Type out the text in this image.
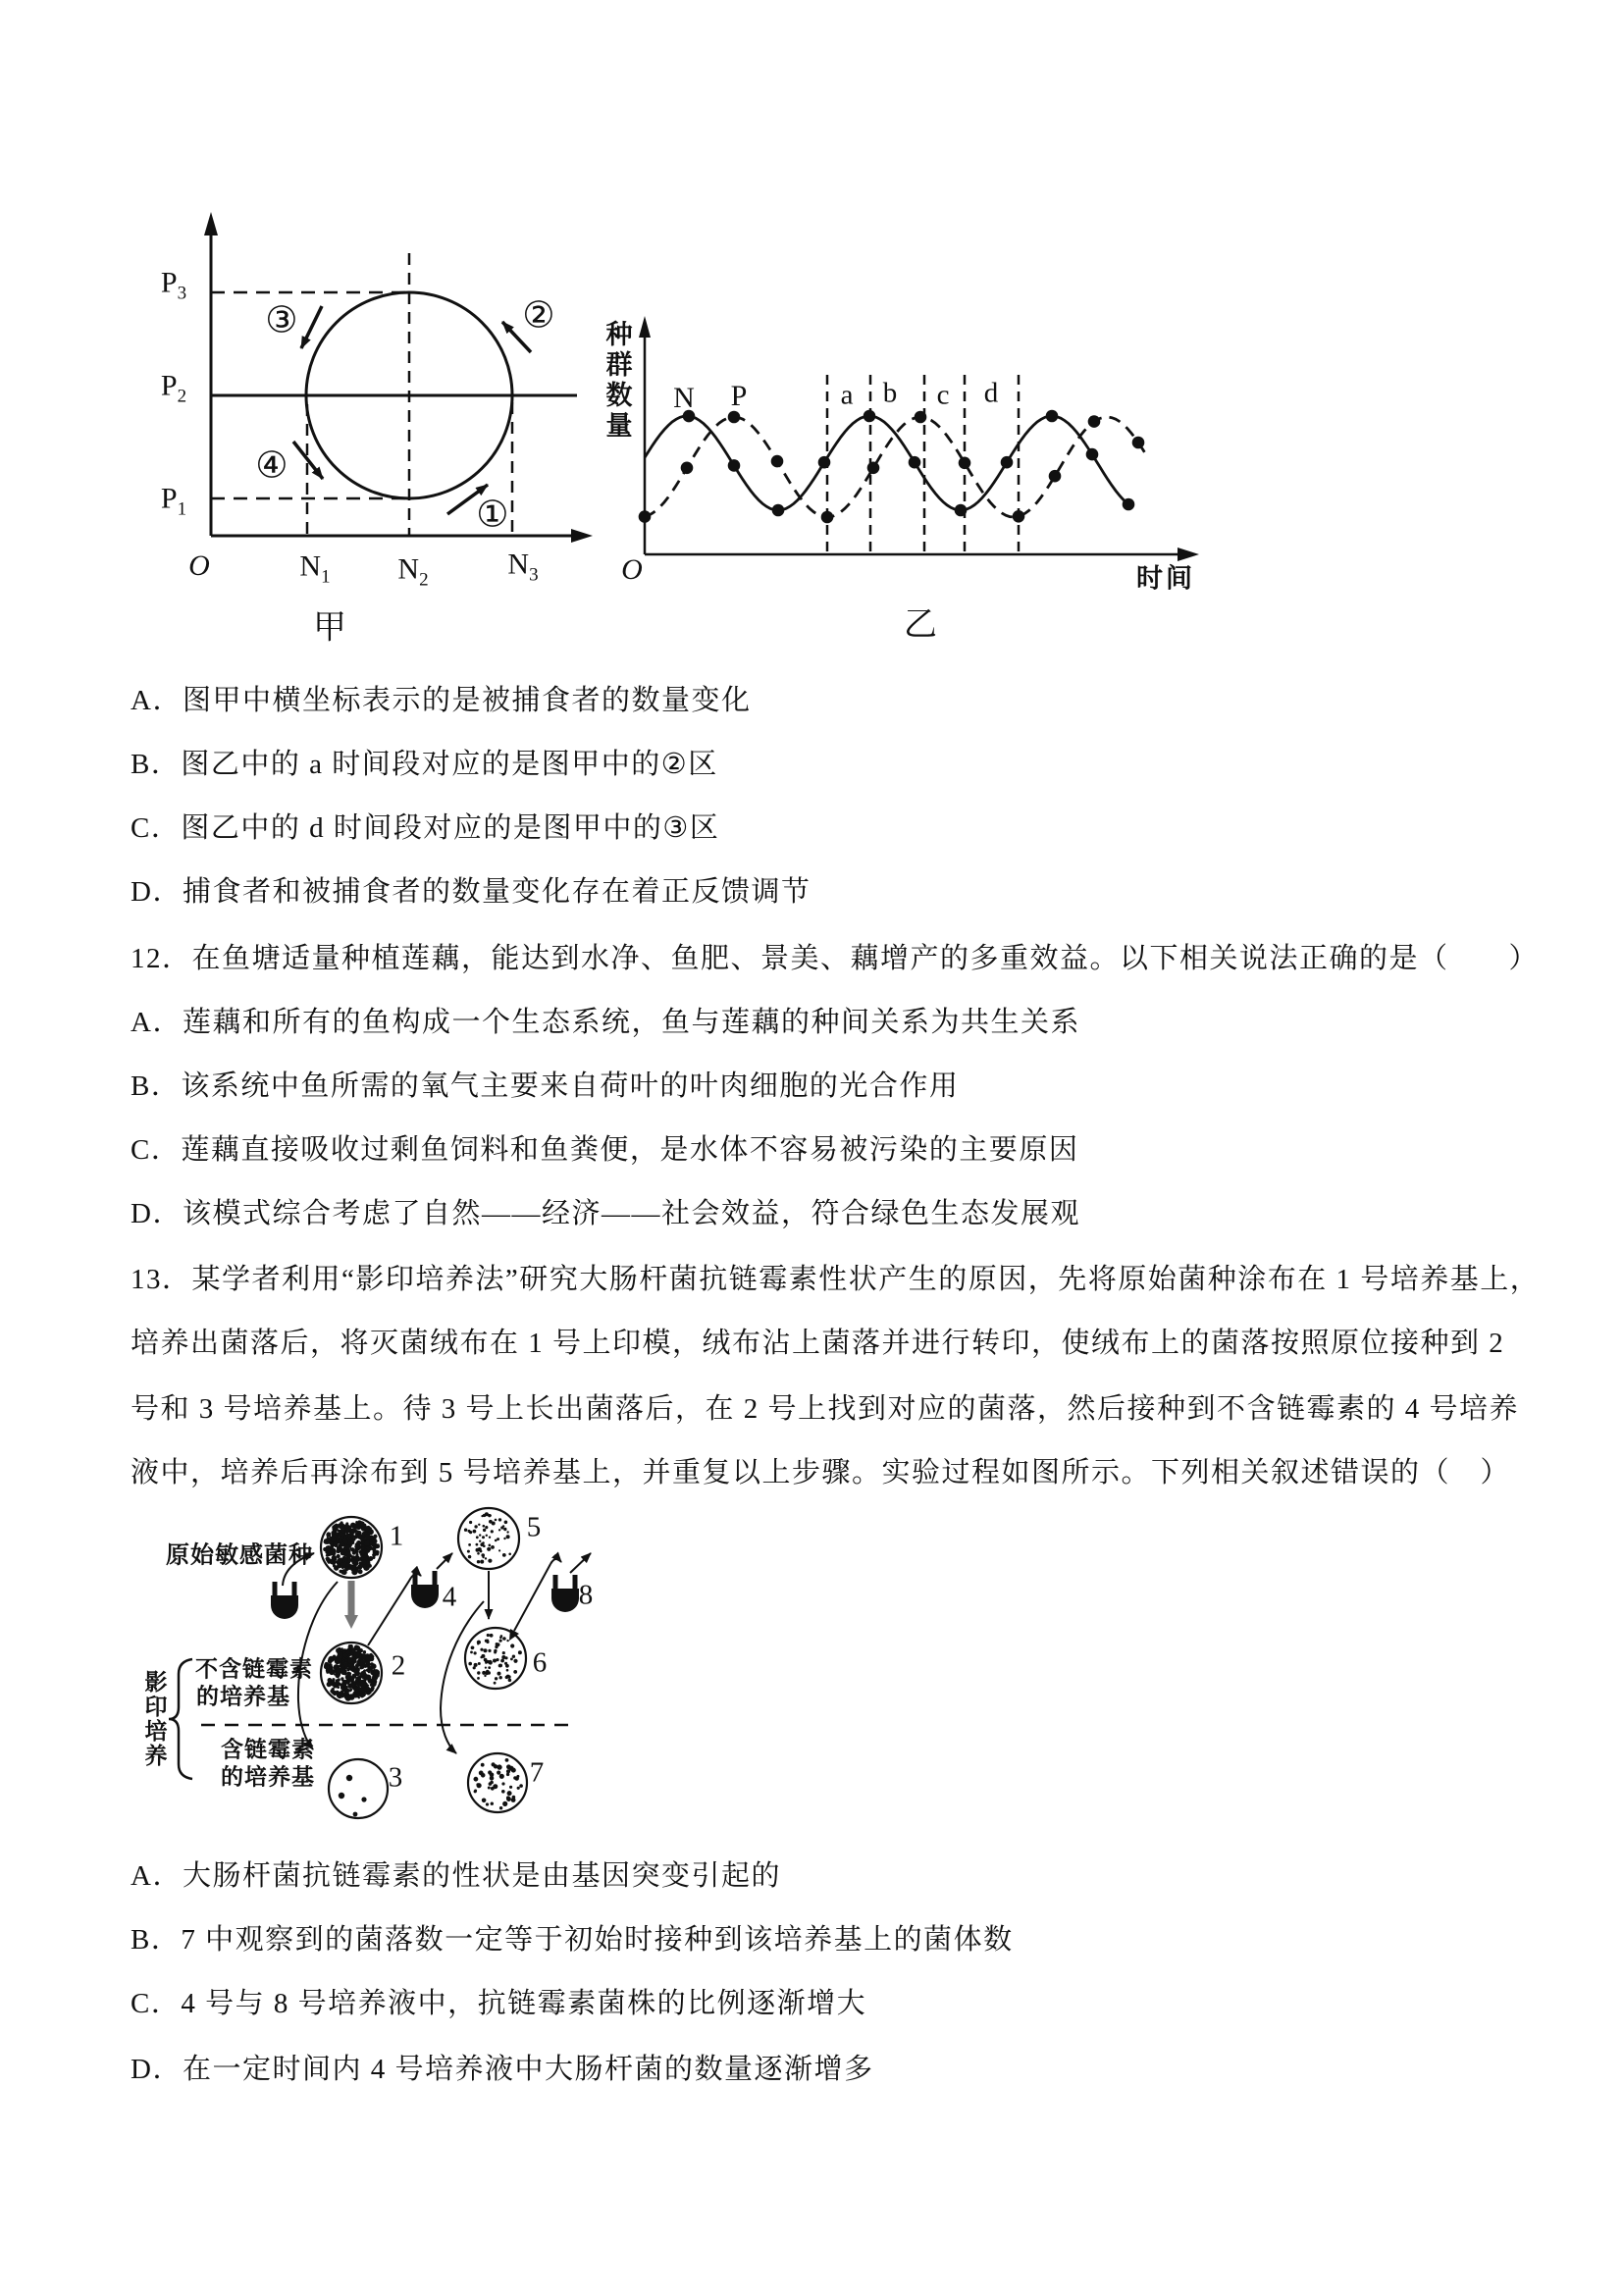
$P_3$
$P_2$
$P_1$
O	$N_1$ $N_2$	$N_3$
①
②
③
④
甲
种群数量 N P	a b c d
O	时间
乙
A．图甲中横坐标表示的是被捕食者的数量变化
B．图乙中的 a 时间段对应的是图甲中的②区
C．图乙中的 d 时间段对应的是图甲中的③区
D．捕食者和被捕食者的数量变化存在着正反馈调节
12．在鱼塘适量种植莲藕，能达到水净、鱼肥、景美、藕增产的多重效益。以下相关说法正确的是（　　）
A．莲藕和所有的鱼构成一个生态系统，鱼与莲藕的种间关系为共生关系
B．该系统中鱼所需的氧气主要来自荷叶的叶肉细胞的光合作用
C．莲藕直接吸收过剩鱼饲料和鱼粪便，是水体不容易被污染的主要原因
D．该模式综合考虑了自然——经济——社会效益，符合绿色生态发展观
13．某学者利用“影印培养法”研究大肠杆菌抗链霉素性状产生的原因，先将原始菌种涂布在 1 号培养基上，
培养出菌落后，将灭菌绒布在 1 号上印模，绒布沾上菌落并进行转印，使绒布上的菌落按照原位接种到 2
号和 3 号培养基上。待 3 号上长出菌落后，在 2 号上找到对应的菌落，然后接种到不含链霉素的 4 号培养
液中，培养后再涂布到 5 号培养基上，并重复以上步骤。实验过程如图所示。下列相关叙述错误的（　）
原始敏感菌种
影印培养
不含链霉素
的培养基
含链霉素
的培养基
1
2
3
4
5
6
7
8
A．大肠杆菌抗链霉素的性状是由基因突变引起的
B．7 中观察到的菌落数一定等于初始时接种到该培养基上的菌体数
C．4 号与 8 号培养液中，抗链霉素菌株的比例逐渐增大
D．在一定时间内 4 号培养液中大肠杆菌的数量逐渐增多
